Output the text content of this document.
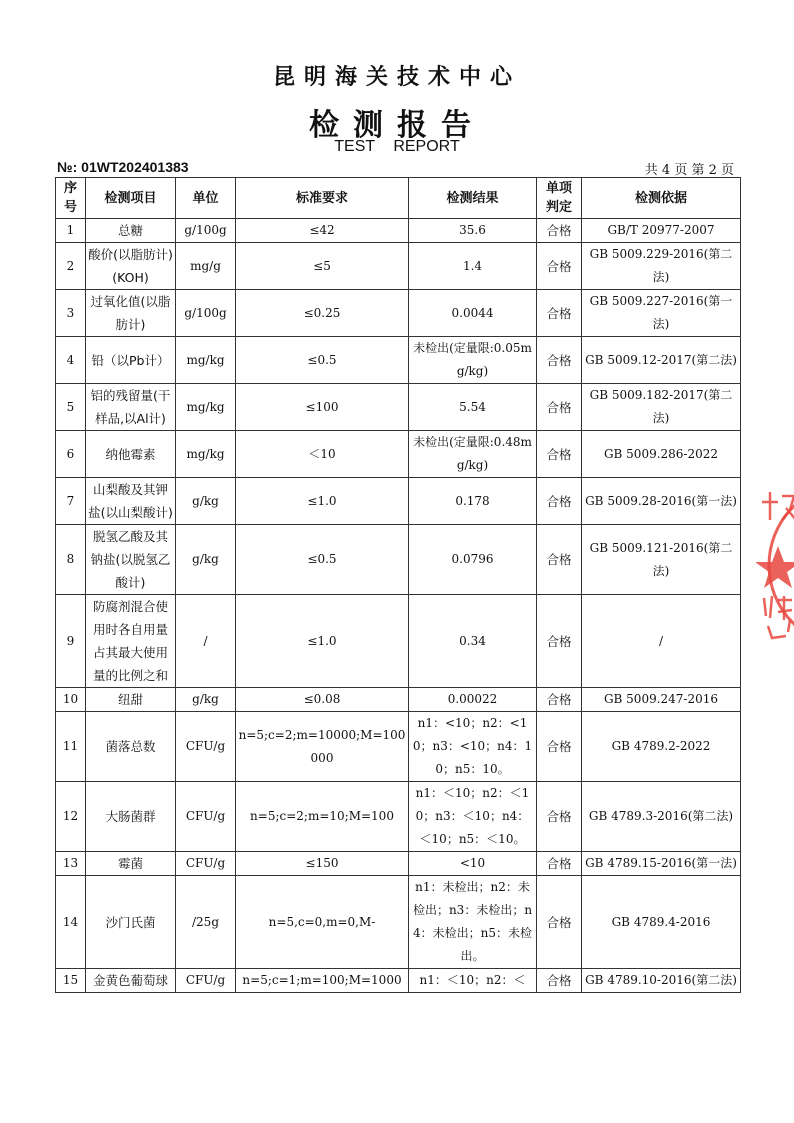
昆明海关技术中心
检测报告
TEST REPORT
№: 01WT202401383	共 4 页 第 2 页
序号	检测项目	单位	标准要求	检测结果	单项判定	检测依据
1	总糖	g/100g	≤42	35.6	合格	GB/T 20977-2007
2	酸价(以脂肪计)(KOH)	mg/g	≤5	1.4	合格	GB 5009.229-2016(第二法)
3	过氧化值(以脂肪计)	g/100g	≤0.25	0.0044	合格	GB 5009.227-2016(第一法)
4	铅（以Pb计）	mg/kg	≤0.5	未检出(定量限:0.05mg/kg)	合格	GB 5009.12-2017(第二法)
5	铝的残留量(干样品,以Al计)	mg/kg	≤100	5.54	合格	GB 5009.182-2017(第二法)
6	纳他霉素	mg/kg	＜10	未检出(定量限:0.48mg/kg)	合格	GB 5009.286-2022
7	山梨酸及其钾盐(以山梨酸计)	g/kg	≤1.0	0.178	合格	GB 5009.28-2016(第一法)
8	脱氢乙酸及其钠盐(以脱氢乙酸计)	g/kg	≤0.5	0.0796	合格	GB 5009.121-2016(第二法)
9	防腐剂混合使用时各自用量占其最大使用量的比例之和	/	≤1.0	0.34	合格	/
10	纽甜	g/kg	≤0.08	0.00022	合格	GB 5009.247-2016
11	菌落总数	CFU/g	n=5;c=2;m=10000;M=100000	n1：<10；n2：<10；n3：<10；n4：10；n5：10。	合格	GB 4789.2-2022
12	大肠菌群	CFU/g	n=5;c=2;m=10;M=100	n1：＜10；n2：＜10；n3：＜10；n4：＜10；n5：＜10。	合格	GB 4789.3-2016(第二法)
13	霉菌	CFU/g	≤150	<10	合格	GB 4789.15-2016(第一法)
14	沙门氏菌	/25g	n=5,c=0,m=0,M-	n1：未检出；n2：未检出；n3：未检出；n4：未检出；n5：未检出。	合格	GB 4789.4-2016
15	金黄色葡萄球	CFU/g	n=5;c=1;m=100;M=1000	n1：＜10；n2：＜	合格	GB 4789.10-2016(第二法)
